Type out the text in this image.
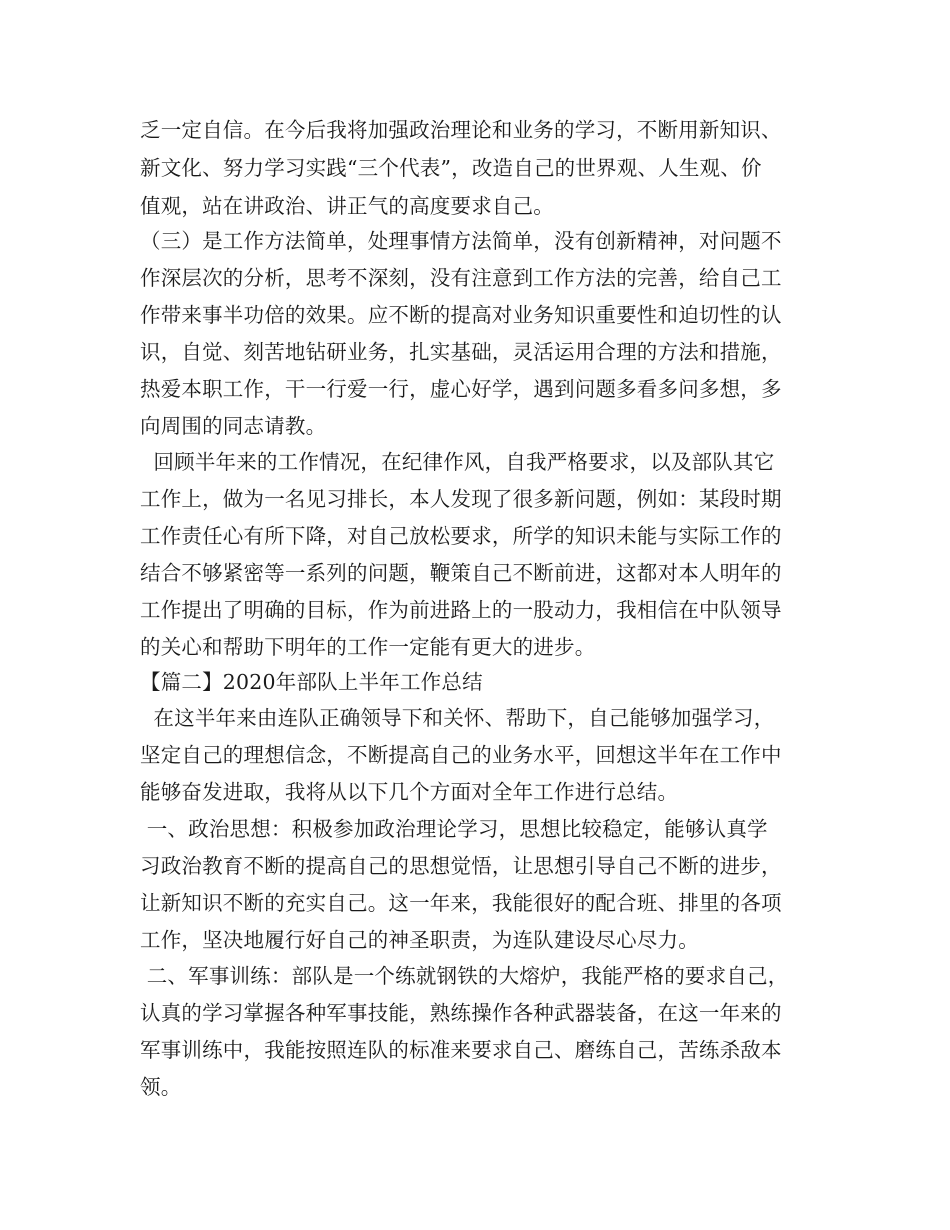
乏一定自信。在今后我将加强政治理论和业务的学习，不断用新知识、
新文化、努力学习实践“三个代表”，改造自己的世界观、人生观、价
值观，站在讲政治、讲正气的高度要求自己。
（三）是工作方法简单，处理事情方法简单，没有创新精神，对问题不
作深层次的分析，思考不深刻，没有注意到工作方法的完善，给自己工
作带来事半功倍的效果。应不断的提高对业务知识重要性和迫切性的认
识，自觉、刻苦地钻研业务，扎实基础，灵活运用合理的方法和措施，
热爱本职工作，干一行爱一行，虚心好学，遇到问题多看多问多想，多
向周围的同志请教。
回顾半年来的工作情况，在纪律作风，自我严格要求，以及部队其它
工作上，做为一名见习排长，本人发现了很多新问题，例如：某段时期
工作责任心有所下降，对自己放松要求，所学的知识未能与实际工作的
结合不够紧密等一系列的问题，鞭策自己不断前进，这都对本人明年的
工作提出了明确的目标，作为前进路上的一股动力，我相信在中队领导
的关心和帮助下明年的工作一定能有更大的进步。
【篇二】2020年部队上半年工作总结
在这半年来由连队正确领导下和关怀、帮助下，自己能够加强学习，
坚定自己的理想信念，不断提高自己的业务水平，回想这半年在工作中
能够奋发进取，我将从以下几个方面对全年工作进行总结。
一、政治思想：积极参加政治理论学习，思想比较稳定，能够认真学
习政治教育不断的提高自己的思想觉悟，让思想引导自己不断的进步，
让新知识不断的充实自己。这一年来，我能很好的配合班、排里的各项
工作，坚决地履行好自己的神圣职责，为连队建设尽心尽力。
二、军事训练：部队是一个练就钢铁的大熔炉，我能严格的要求自己，
认真的学习掌握各种军事技能，熟练操作各种武器装备，在这一年来的
军事训练中，我能按照连队的标准来要求自己、磨练自己，苦练杀敌本
领。
